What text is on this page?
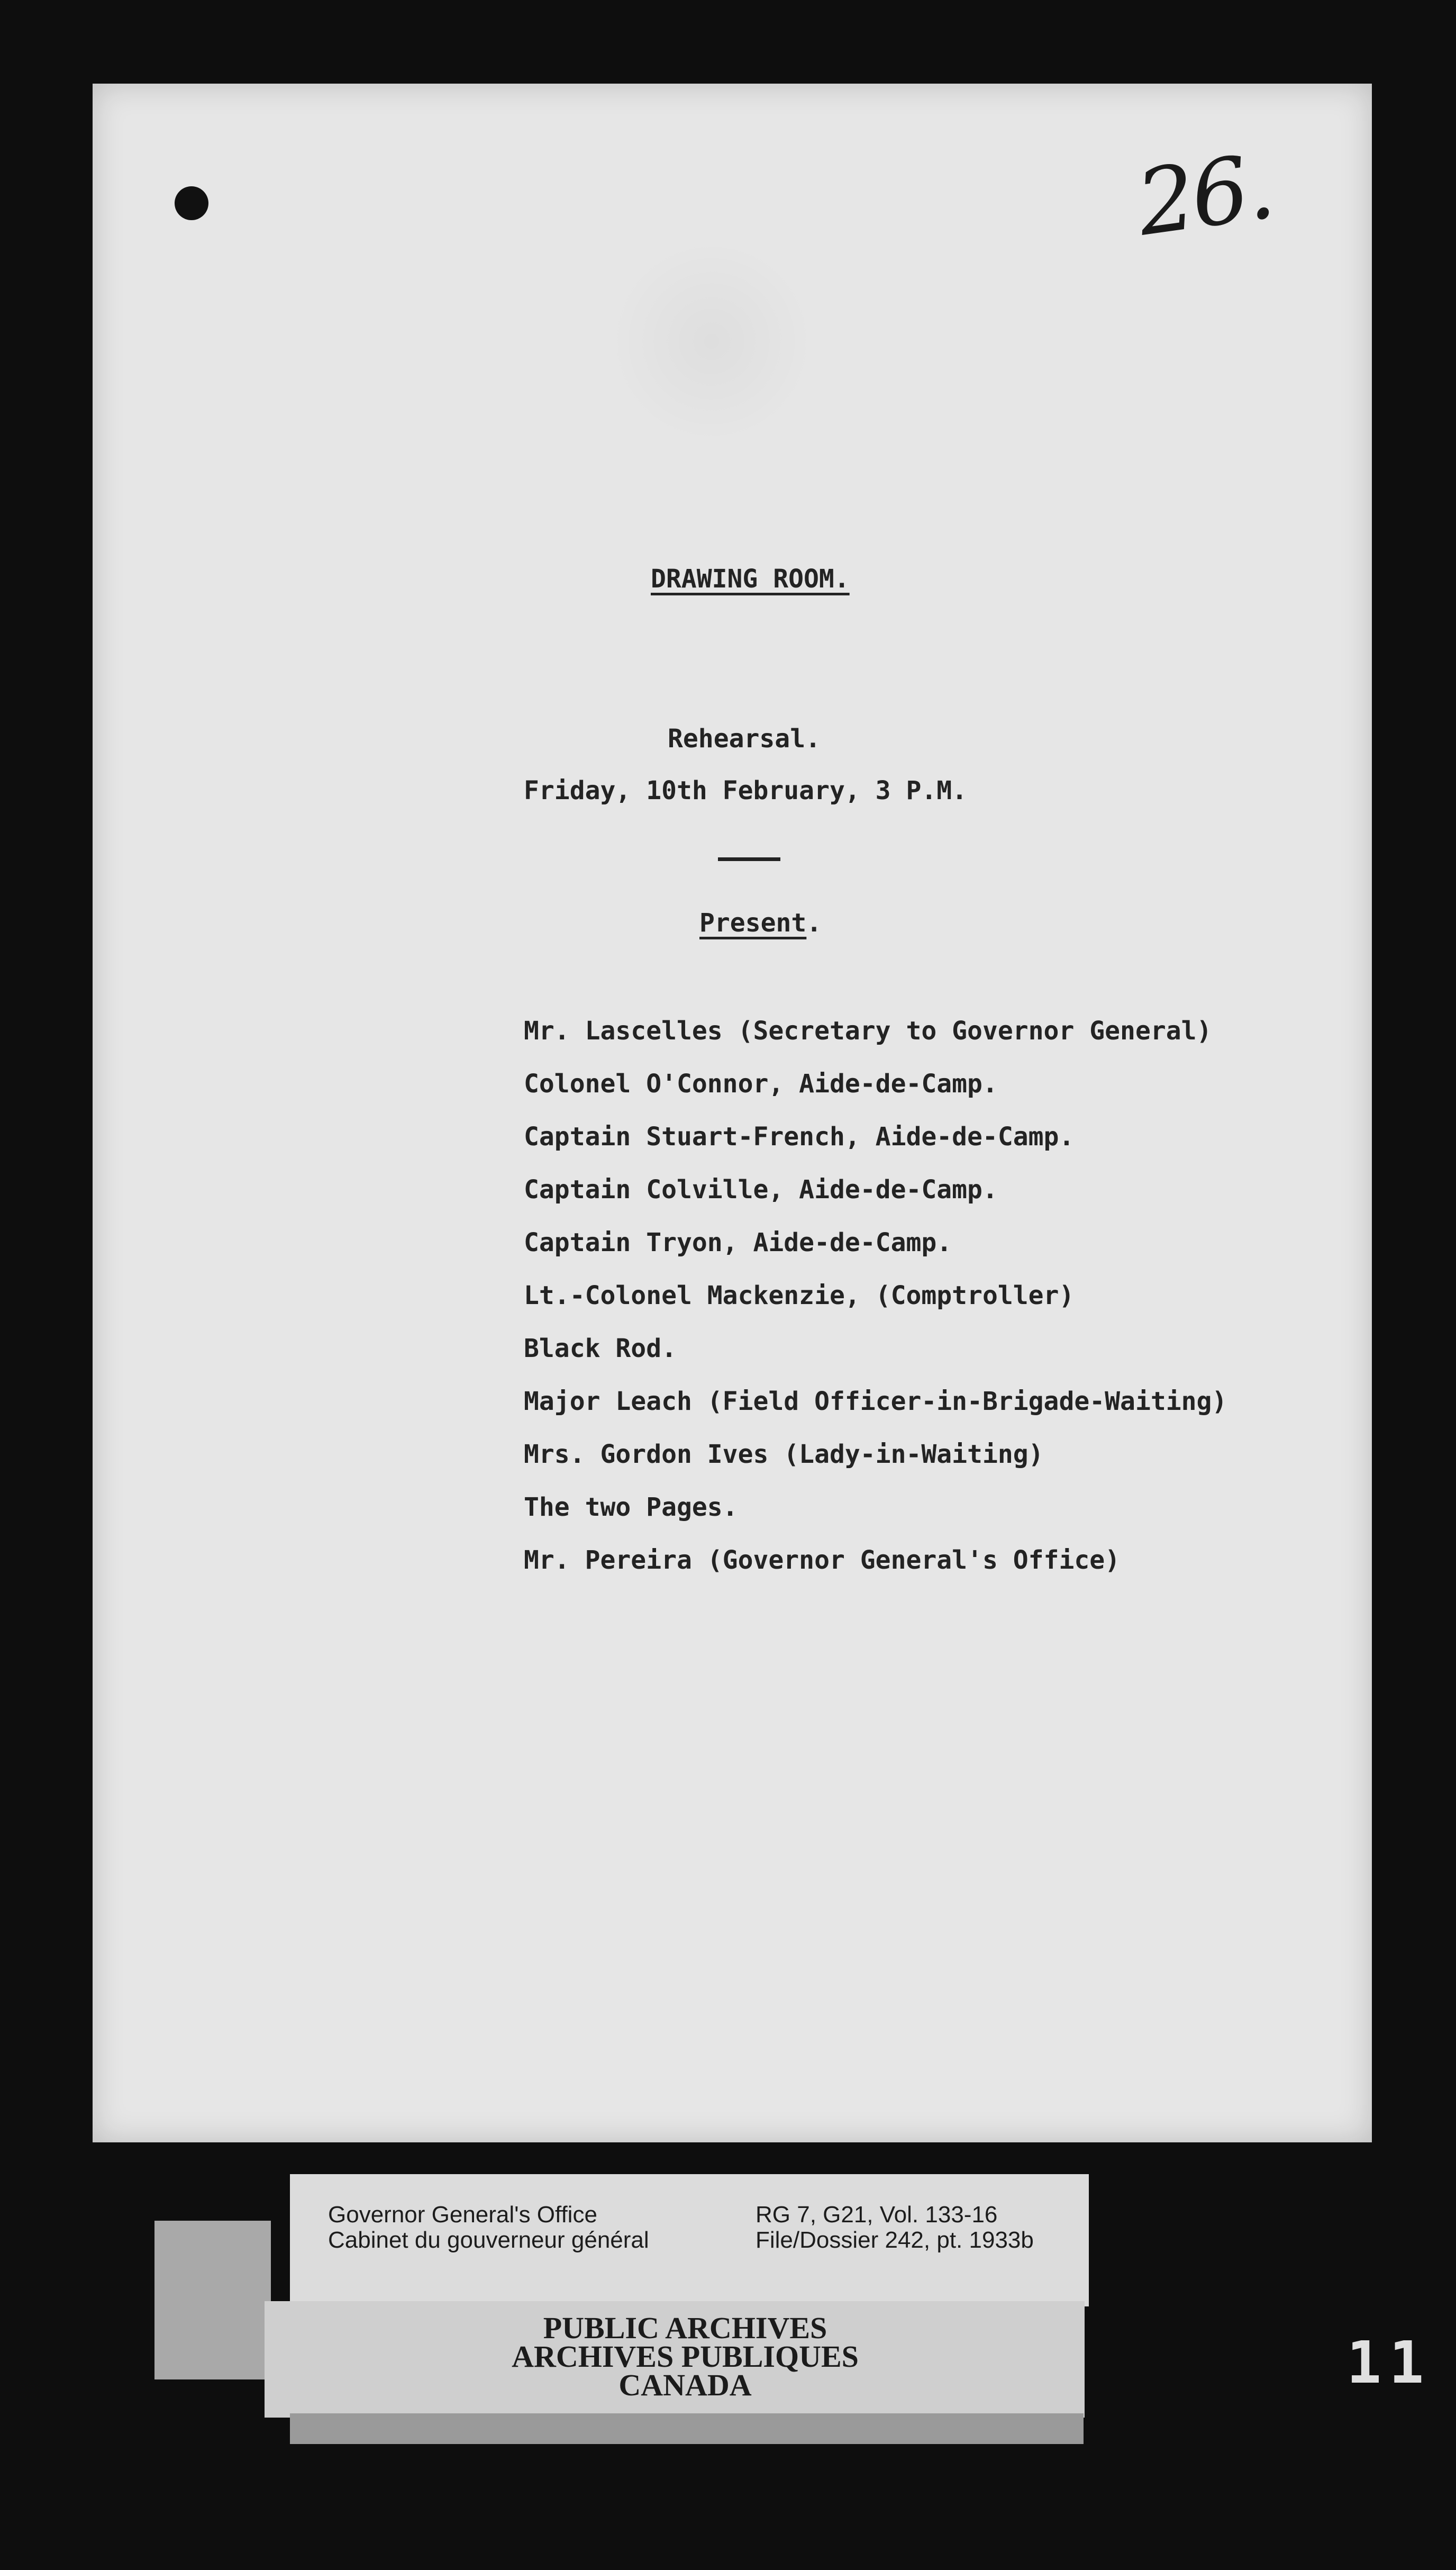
26.
DRAWING ROOM.
Rehearsal.
Friday, 10th February, 3 P.M.
Present.
Mr. Lascelles (Secretary to Governor General)
Colonel O'Connor, Aide-de-Camp.
Captain Stuart-French, Aide-de-Camp.
Captain Colville, Aide-de-Camp.
Captain Tryon, Aide-de-Camp.
Lt.-Colonel Mackenzie, (Comptroller)
Black Rod.
Major Leach (Field Officer-in-Brigade-Waiting)
Mrs. Gordon Ives (Lady-in-Waiting)
The two Pages.
Mr. Pereira (Governor General's Office)
Governor General's Office
Cabinet du gouverneur général
RG 7, G21, Vol. 133-16
File/Dossier 242, pt. 1933b
PUBLIC ARCHIVES
ARCHIVES PUBLIQUES
CANADA	11
